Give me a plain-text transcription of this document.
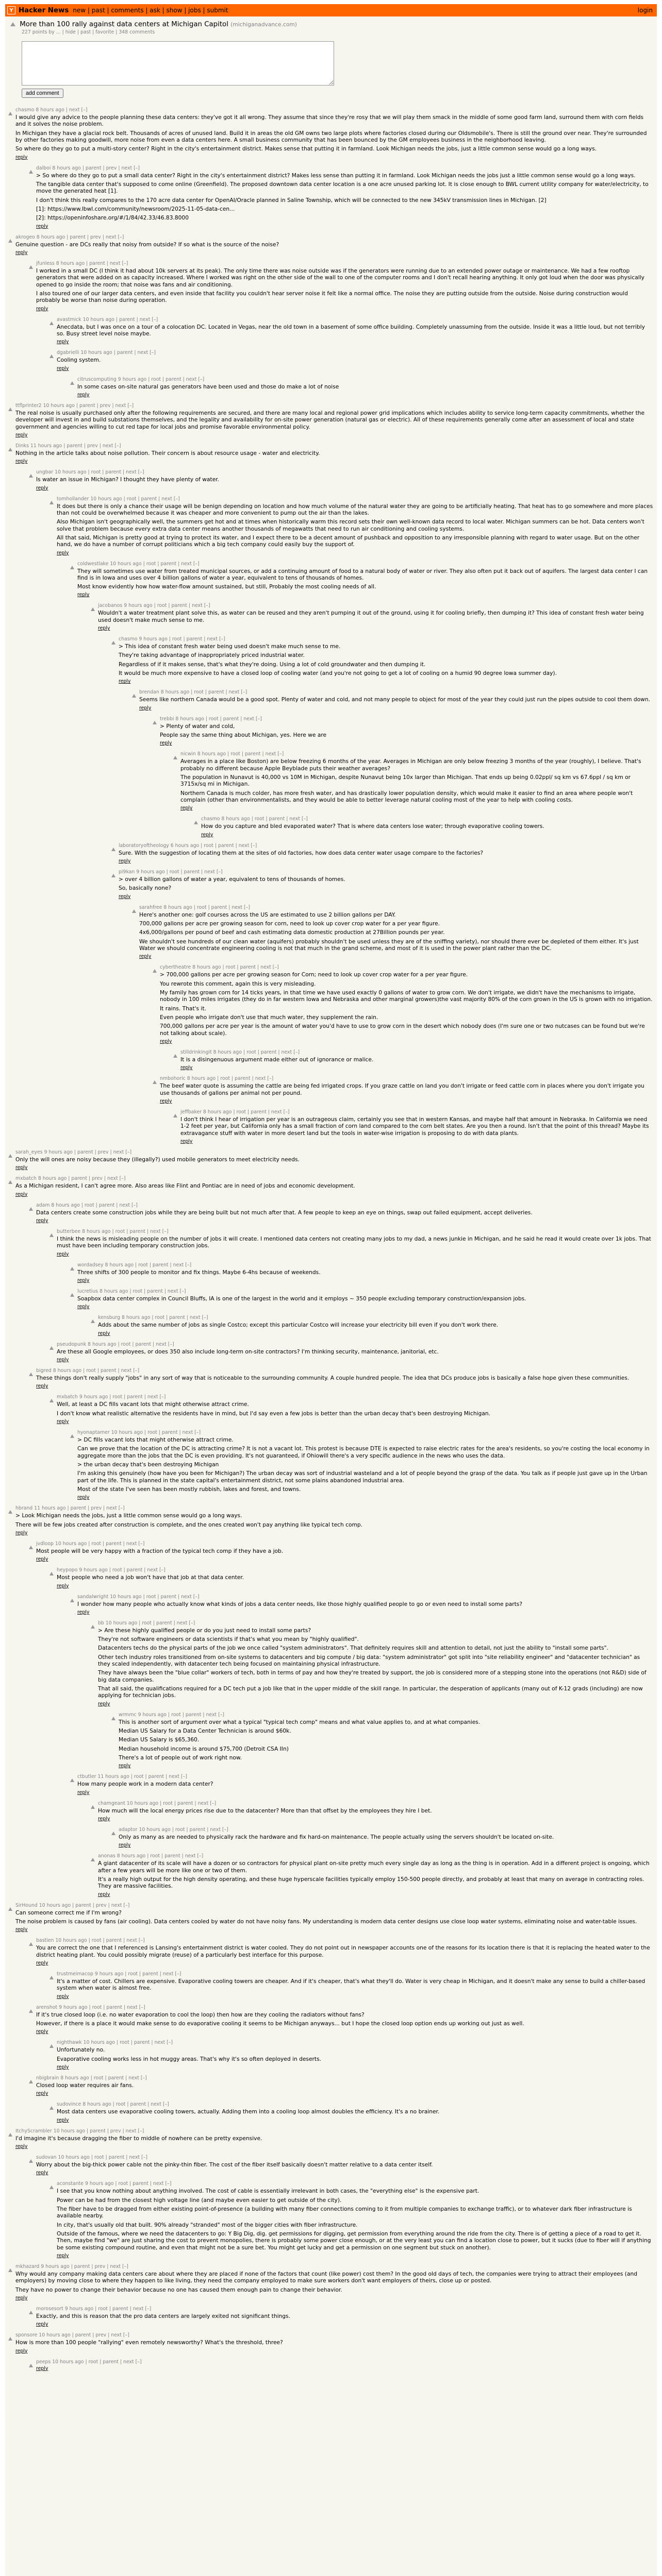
Y Hacker News new | past | comments | ask | show | jobs | submit	login
More than 100 rally against data centers at Michigan Capitol (michiganadvance.com)
227 points by ... | hide | past | favorite | 348 comments
add comment
chasmo 8 hours ago | next [–]

I would give any advice to the people planning these data centers: they've got it all wrong. They assume that since they're rosy that we will play them smack in the middle of some good farm land, surround them with corn fields and it solves the noise problem.

In Michigan they have a glacial rock belt. Thousands of acres of unused land. Build it in areas the old GM owns two large plots where factories closed during our Oldsmobile's. There is still the ground over near. They're surrounded by other factories making goodwill, more noise from even a data centers here. A small business community that has been bounced by the GM employees business in the neighborhood leaving.

So where do they go to put a multi-story center? Right in the city's entertainment district. Makes sense that putting it in farmland. Look Michigan needs the jobs, just a little common sense would go a long ways.

reply
dalboi 8 hours ago | parent | prev | next [–]

> So where do they go to put a small data center? Right in the city's entertainment district? Makes less sense than putting it in farmland. Look Michigan needs the jobs just a little common sense would go a long ways.

The tangible data center that's supposed to come online (Greenfield). The proposed downtown data center location is a one acre unused parking lot. It is close enough to BWL current utility company for water/electricity, to move the generated heat [1].

I don't think this really compares to the 170 acre data center for OpenAI/Oracle planned in Saline Township, which will be connected to the new 345kV transmission lines in Michigan. [2]

[1]: https://www.lbwl.com/community/newsroom/2025-11-05-data-cen...

[2]: https://openinfoshare.org/#/1/84/42.33/46.83.8000

reply
akrogeo 8 hours ago | parent | prev | next [–]

Genuine question - are DCs really that noisy from outside? If so what is the source of the noise?

reply
jfunless 8 hours ago | parent | next [–]

I worked in a small DC (I think it had about 10k servers at its peak). The only time there was noise outside was if the generators were running due to an extended power outage or maintenance. We had a few rooftop generators that were added on as capacity increased. Where I worked was right on the other side of the wall to one of the computer rooms and I don't recall hearing anything. It only got loud when the door was physically opened to go inside the room; that noise was fans and air conditioning.

I also toured one of our larger data centers, and even inside that facility you couldn't hear server noise it felt like a normal office. The noise they are putting outside from the outside. Noise during construction would probably be worse than noise during operation.

reply
avastmick 10 hours ago | parent | next [–]

Anecdata, but I was once on a tour of a colocation DC. Located in Vegas, near the old town in a basement of some office building. Completely unassuming from the outside. Inside it was a little loud, but not terribly so. Busy street level noise maybe.

reply
dgabrielli 10 hours ago | parent | next [–]

Cooling system.

reply
citruscomputing 9 hours ago | root | parent | next [–]

In some cases on-site natural gas generators have been used and those do make a lot of noise

reply
ttflprinter2 10 hours ago | parent | prev | next [–]

The real noise is usually purchased only after the following requirements are secured, and there are many local and regional power grid implications which includes ability to service long-term capacity commitments, whether the developer will invest in and build substations themselves, and the legality and availability for on-site power generation (natural gas or electric). All of these requirements generally come after an assessment of local and state government and agencies willing to cut red tape for local jobs and promise favorable environmental policy.

reply
Dinks 11 hours ago | parent | prev | next [–]

Nothing in the article talks about noise pollution. Their concern is about resource usage - water and electricity.

reply
ungbar 10 hours ago | root | parent | next [–]

Is water an issue in Michigan? I thought they have plenty of water.

reply
tomhollander 10 hours ago | root | parent | next [–]

It does but there is only a chance their usage will be benign depending on location and how much volume of the natural water they are going to be artificially heating. That heat has to go somewhere and more places than not could be overwhelmed because it was cheaper and more convenient to pump out the air than the lakes.

Also Michigan isn't geographically well, the summers get hot and at times when historically warm this record sets their own well-known data record to local water. Michigan summers can be hot. Data centers won't solve that problem because every extra data center means another thousands of megawatts that need to run air conditioning and cooling systems.

All that said, Michigan is pretty good at trying to protect its water, and I expect there to be a decent amount of pushback and opposition to any irresponsible planning with regard to water usage. But on the other hand, we do have a number of corrupt politicians which a big tech company could easily buy the support of.

reply
coldwestlake 10 hours ago | root | parent | next [–]

They will sometimes use water from treated municipal sources, or add a continuing amount of food to a natural body of water or river. They also often put it back out of aquifers. The largest data center I can find is in Iowa and uses over 4 billion gallons of water a year, equivalent to tens of thousands of homes.

Most know evidently how how water-flow amount sustained, but still, Probably the most cooling needs of all.

reply
jacobanos 9 hours ago | root | parent | next [–]

Wouldn't a water treatment plant solve this, as water can be reused and they aren't pumping it out of the ground, using it for cooling briefly, then dumping it? This idea of constant fresh water being used doesn't make much sense to me.

reply
chasmo 9 hours ago | root | parent | next [–]

> This idea of constant fresh water being used doesn't make much sense to me.

They're taking advantage of inappropriately priced industrial water.

Regardless of if it makes sense, that's what they're doing. Using a lot of cold groundwater and then dumping it.

It would be much more expensive to have a closed loop of cooling water (and you're not going to get a lot of cooling on a humid 90 degree lowa summer day).

reply
brendan 8 hours ago | root | parent | next [–]

Seems like northern Canada would be a good spot. Plenty of water and cold, and not many people to object for most of the year they could just run the pipes outside to cool them down.

reply
trebbi 8 hours ago | root | parent | next [–]

> Plenty of water and cold,

People say the same thing about Michigan, yes. Here we are

reply
nicwin 8 hours ago | root | parent | next [–]

Averages in a place like Boston) are below freezing 6 months of the year. Averages in Michigan are only below freezing 3 months of the year (roughly), I believe. That's probably no different because Apple Beyblade puts their weather averages?

The population in Nunavut is 40,000 vs 10M in Michigan, despite Nunavut being 10x larger than Michigan. That ends up being 0.02ppl/ sq km vs 67.6ppl / sq km or 3715x/sq mi in Michigan.

Northern Canada is much colder, has more fresh water, and has drastically lower population density, which would make it easier to find an area where people won't complain (other than environmentalists, and they would be able to better leverage natural cooling most of the year to help with cooling costs.

reply
chasmo 8 hours ago | root | parent | next [–]

How do you capture and bled evaporated water? That is where data centers lose water; through evaporative cooling towers.

reply
laboratoryoftheology 6 hours ago | root | parent | next [–]

Sure. With the suggestion of locating them at the sites of old factories, how does data center water usage compare to the factories?

reply
pi9kan 9 hours ago | root | parent | next [–]

> over 4 billion gallons of water a year, equivalent to tens of thousands of homes.

So, basically none?

reply
sarahfree 8 hours ago | root | parent | next [–]

Here's another one: golf courses across the US are estimated to use 2 billion gallons per DAY.

700,000 gallons per acre per growing season for corn, need to look up cover crop water for a per year figure.

4x6,000/gallons per pound of beef and cash estimating data domestic production at 27Billion pounds per year.

We shouldn't see hundreds of our clean water (aquifers) probably shouldn't be used unless they are of the sniffing variety), nor should there ever be depleted of them either. It's just Water we should concentrate engineering cooling is not that much in the grand scheme, and most of it is used in the power plant rather than the DC.

reply
cybertheatre 8 hours ago | root | parent | next [–]

> 700,000 gallons per acre per growing season for Corn; need to look up cover crop water for a per year figure.

You rewrote this comment, again this is very misleading.

My family has grown corn for 14 ticks years, in that time we have used exactly 0 gallons of water to grow corn. We don't irrigate, we didn't have the mechanisms to irrigate, nobody in 100 miles irrigates (they do in far western Iowa and Nebraska and other marginal growers)the vast majority 80% of the corn grown in the US is grown with no irrigation.

It rains. That's it.

Even people who irrigate don't use that much water, they supplement the rain.

700,000 gallons per acre per year is the amount of water you'd have to use to grow corn in the desert which nobody does (I'm sure one or two nutcases can be found but we're not talking about scale).

reply
stilldrinkingit 8 hours ago | root | parent | next [–]

It is a disingenuous argument made either out of ignorance or malice.

reply
nmbohoric 8 hours ago | root | parent | next [–]

The beef water quote is assuming the cattle are being fed irrigated crops. If you graze cattle on land you don't irrigate or feed cattle corn in places where you don't irrigate you use thousands of gallons per animal not per pound.

reply
jeffbaker 8 hours ago | root | parent | next [–]

I don't think I hear of irrigation per year is an outrageous claim, certainly you see that in western Kansas, and maybe half that amount in Nebraska. In California we need 1-2 feet per year, but California only has a small fraction of corn land compared to the corn belt states. Are you then a round. Isn't that the point of this thread? Maybe its extravagance stuff with water in more desert land but the tools in water-wise irrigation is proposing to do with data plants.

reply
sarah_eyes 9 hours ago | parent | prev | next [–]

Only the will ones are noisy because they (illegally?) used mobile generators to meet electricity needs.

reply
mxbatch 8 hours ago | parent | prev | next [–]

As a Michigan resident, I can't agree more. Also areas like Flint and Pontiac are in need of jobs and economic development.

reply
adam 8 hours ago | root | parent | next [–]

Data centers create some construction jobs while they are being built but not much after that. A few people to keep an eye on things, swap out failed equipment, accept deliveries.

reply
butterbee 8 hours ago | root | parent | next [–]

I think the news is misleading people on the number of jobs it will create. I mentioned data centers not creating many jobs to my dad, a news junkie in Michigan, and he said he read it would create over 1k jobs. That must have been including temporary construction jobs.

reply
wordadsey 8 hours ago | root | parent | next [–]

Three shifts of 300 people to monitor and fix things. Maybe 6-4hs because of weekends.

reply
lucretius 8 hours ago | root | parent | next [–]

Soapbox data center complex in Council Bluffs, IA is one of the largest in the world and it employs ~ 350 people excluding temporary construction/expansion jobs.

reply
kensburg 8 hours ago | root | parent | next [–]

Adds about the same number of jobs as single Costco; except this particular Costco will increase your electricity bill even if you don't work there.

reply
pseudopunk 8 hours ago | root | parent | next [–]

Are these all Google employees, or does 350 also include long-term on-site contractors? I'm thinking security, maintenance, janitorial, etc.

reply
bigred 8 hours ago | root | parent | next [–]

These things don't really supply "jobs" in any sort of way that is noticeable to the surrounding community. A couple hundred people. The idea that DCs produce jobs is basically a false hope given these communities.

reply
mxbatch 9 hours ago | root | parent | next [–]

Well, at least a DC fills vacant lots that might otherwise attract crime.

I don't know what realistic alternative the residents have in mind, but I'd say even a few jobs is better than the urban decay that's been destroying Michigan.

reply
hyonaptamer 10 hours ago | root | parent | next [–]

> DC fills vacant lots that might otherwise attract crime.

Can we prove that the location of the DC is attracting crime? It is not a vacant lot. This protest is because DTE is expected to raise electric rates for the area's residents, so you're costing the local economy in aggregate more than the jobs that the DC is even providing. It's not guaranteed, if Ohiowill there's a very specific audience in the news who uses the data.

> the urban decay that's been destroying Michigan

I'm asking this genuinely (how have you been for Michigan?) The urban decay was sort of industrial wasteland and a lot of people beyond the grasp of the data. You talk as if people just gave up in the Urban part of the life. This is planned in the state capital's entertainment district, not some plains abandoned industrial area.

Most of the state I've seen has been mostly rubbish, lakes and forest, and towns.

reply
hbrand 11 hours ago | parent | prev | next [–]

> Look Michigan needs the jobs, just a little common sense would go a long ways.

There will be few jobs created after construction is complete, and the ones created won't pay anything like typical tech comp.

reply
jvdloop 10 hours ago | root | parent | next [–]

Most people will be very happy with a fraction of the typical tech comp if they have a job.

reply
heypopo 9 hours ago | root | parent | next [–]

Most people who need a job won't have that job at that data center.

reply
sandalwright 10 hours ago | root | parent | next [–]

I wonder how many people who actually know what kinds of jobs a data center needs, like those highly qualified people to go or even need to install some parts?

reply
bb 10 hours ago | root | parent | next [–]

> Are these highly qualified people or do you just need to install some parts?

They're not software engineers or data scientists if that's what you mean by "highly qualified".

Datacenters techs do the physical parts of the job we once called "system administrators". That definitely requires skill and attention to detail, not just the ability to "install some parts".

Other tech industry roles transitioned from on-site systems to datacenters and big compute / big data: "system administrator" got split into "site reliability engineer" and "datacenter technician" as they scaled independently, with datacenter tech being focused on maintaining physical infrastructure.

They have always been the "blue collar" workers of tech, both in terms of pay and how they're treated by support, the job is considered more of a stepping stone into the operations (not R&D) side of big data companies.

That all said, the qualifications required for a DC tech put a job like that in the upper middle of the skill range. In particular, the desperation of applicants (many out of K-12 grads (including) are now applying for technician jobs.

reply
wrmmc 9 hours ago | root | parent | next [–]

This is another sort of argument over what a typical "typical tech comp" means and what value applies to, and at what companies.

Median US Salary for a Data Center Technician is around $60k.

Median US Salary is $65,360.

Median household income is around $75,700 (Detroit CSA IIn)

There's a lot of people out of work right now.

reply
ctbutler 11 hours ago | root | parent | next [–]

How many people work in a modern data center?

reply
chamgeant 10 hours ago | root | parent | next [–]

How much will the local energy prices rise due to the datacenter? More than that offset by the employees they hire I bet.

reply
adaptor 10 hours ago | root | parent | next [–]

Only as many as are needed to physically rack the hardware and fix hard-on maintenance. The people actually using the servers shouldn't be located on-site.

reply
anonas 8 hours ago | root | parent | next [–]

A giant datacenter of its scale will have a dozen or so contractors for physical plant on-site pretty much every single day as long as the thing is in operation. Add in a different project is ongoing, which after a few years will be more like one or two of them.

It's a really high output for the high density operating, and these huge hyperscale facilities typically employ 150-500 people directly, and probably at least that many on average in contracting roles. They are massive facilities.

reply
SirHound 10 hours ago | parent | prev | next [–]

Can someone correct me if I'm wrong?

The noise problem is caused by fans (air cooling). Data centers cooled by water do not have noisy fans. My understanding is modern data center designs use close loop water systems, eliminating noise and water-table issues.

reply
bastien 10 hours ago | root | parent | next [–]

You are correct the one that I referenced is Lansing's entertainment district is water cooled. They do not point out in newspaper accounts one of the reasons for its location there is that it is replacing the heated water to the district heating plant. You could possibly migrate (reuse) of a particularly best interface for this purpose.

reply
trustmeimacop 9 hours ago | root | parent | next [–]

It's a matter of cost. Chillers are expensive. Evaporative cooling towers are cheaper. And if it's cheaper, that's what they'll do. Water is very cheap in Michigan, and it doesn't make any sense to build a chiller-based system when water is almost free.

reply
arenshot 9 hours ago | root | parent | next [–]

If it's true closed loop (i.e. no water evaporation to cool the loop) then how are they cooling the radiators without fans?

However, if there is a place it would make sense to do evaporative cooling it seems to be Michigan anyways... but I hope the closed loop option ends up working out just as well.

reply
nighthawk 10 hours ago | root | parent | next [–]

Unfortunately no.

Evaporative cooling works less in hot muggy areas. That's why it's so often deployed in deserts.

reply
nbigbrain 8 hours ago | root | parent | next [–]

Closed loop water requires air fans.

reply
sudovince 8 hours ago | root | parent | next [–]

Most data centers use evaporative cooling towers, actually. Adding them into a cooling loop almost doubles the efficiency. It's a no brainer.

reply
ItchyScrambler 10 hours ago | parent | prev | next [–]

I'd imagine it's because dragging the fiber to middle of nowhere can be pretty expensive.

reply
sudovan 10 hours ago | root | parent | next [–]

Worry about the big-thick power cable not the pinky-thin fiber. The cost of the fiber itself basically doesn't matter relative to a data center itself.

reply
aconstante 9 hours ago | root | parent | next [–]

I see that you know nothing about anything involved. The cost of cable is essentially irrelevant in both cases, the "everything else" is the expensive part.

Power can be had from the closest high voltage line (and maybe even easier to get outside of the city).

The fiber have to be dragged from either existing point-of-presence (a building with many fiber connections coming to it from multiple companies to exchange traffic), or to whatever dark fiber infrastructure is available nearby.

In city, that's usually old that built. 90% already "stranded" most of the bigger cities with fiber infrastructure.

Outside of the famous, where we need the datacenters to go: Y Big Dig, dig. get permissions for digging, get permission from everything around the ride from the city. There is of getting a piece of a road to get it. Then, maybe find "we" are just sharing the cost to prevent monopolies, there is probably some power close enough, or at the very least you can find a location close to power, but it sucks (due to fiber will if anything be some existing compound routine, and even that might not be a sure bet. You might get lucky and get a permission on one segment but stuck on another).

reply
mkhazard 9 hours ago | parent | prev | next [–]

Why would any company making data centers care about where they are placed if none of the factors that count (like power) cost them? In the good old days of tech, the companies were trying to attract their employees (and employers) by moving close to where they happen to like living, they need the company employed to make sure workers don't want employers of theirs, close up or posted.

They have no power to change their behavior because no one has caused them enough pain to change their behavior.

reply
morosesort 9 hours ago | root | parent | next [–]

Exactly, and this is reason that the pro data centers are largely exited not significant things.

reply
sponsore 10 hours ago | parent | prev | next [–]

How is more than 100 people "rallying" even remotely newsworthy? What's the threshold, three?

reply
peeps 10 hours ago | root | parent | next [–]
reply
